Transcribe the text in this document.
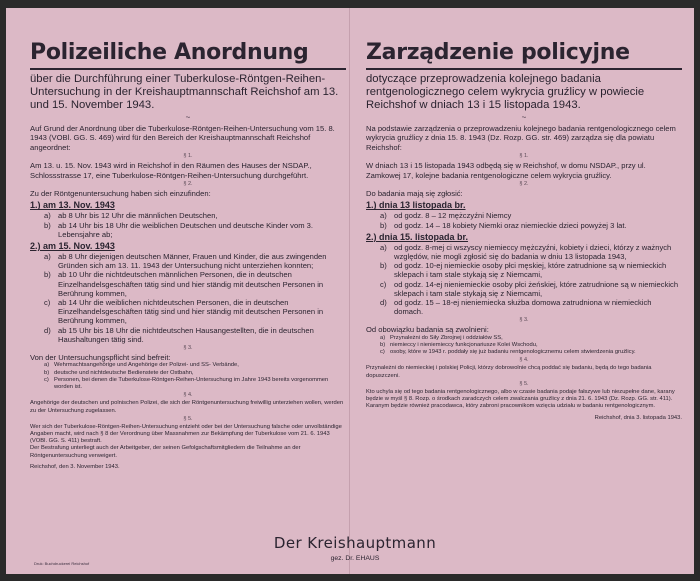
Polizeiliche Anordnung

über die Durchführung einer Tuberkulose-Röntgen-Reihen-Untersuchung in der Kreishauptmannschaft Reichshof am 13. und 15. November 1943.

~

Auf Grund der Anordnung über die Tuberkulose-Röntgen-Reihen-Untersuchung vom 15. 8. 1943 (VOBl. GG. S. 469) wird für den Bereich der Kreishauptmannschaft Reichshof angeordnet:

§ 1.

Am 13. u. 15. Nov. 1943 wird in Reichshof in den Räumen des Hauses der NSDAP., Schlossstrasse 17, eine Tuberkulose-Röntgen-Reihen-Untersuchung durchgeführt.

§ 2.

Zu der Röntgenuntersuchung haben sich einzufinden:

1.) am 13. Nov. 1943
a) ab 8 Uhr bis 12 Uhr die männlichen Deutschen,
b) ab 14 Uhr bis 18 Uhr die weiblichen Deutschen und deutsche Kinder vom 3. Lebensjahre ab;
2.) am 15. Nov. 1943
a) ab 8 Uhr diejenigen deutschen Männer, Frauen und Kinder, die aus zwingenden Gründen sich am 13. 11. 1943 der Untersuchung nicht unterziehen konnten;
b) ab 10 Uhr die nichtdeutschen männlichen Personen, die in deutschen Einzelhandelsgeschäften tätig sind und hier ständig mit deutschen Personen in Berührung kommen,
c)	ab 14 Uhr die weiblichen nichtdeutschen Personen, die in deutschen Einzelhandelsgeschäften tätig sind und hier ständig mit deutschen Personen in Berührung kommen,
d) ab 15 Uhr bis 18 Uhr die nichtdeutschen Hausangestellten, die in deutschen Haushaltungen tätig sind.
§ 3.

Von der Untersuchungspflicht sind befreit:

a) Wehrmachtsangehörige und Angehörige der Polizei- und SS- Verbände,
b) deutsche und nichtdeutsche Bedienstete der Ostbahn,
c) Personen, bei denen die Tuberkulose-Röntgen-Reihen-Untersuchung im Jahre 1943 bereits vorgenommen worden ist.
§ 4.

Angehörige der deutschen und polnischen Polizei, die sich der Röntgenuntersuchung freiwillig unterziehen wollen, werden zu der Untersuchung zugelassen.

§ 5.

Wer sich der Tuberkulose-Röntgen-Reihen-Untersuchung entzieht oder bei der Untersuchung falsche oder unvollständige Angaben macht, wird nach § 8 der Verordnung über Massnahmen zur Bekämpfung der Tuberkulose vom 21. 6. 1943 (VOBl. GG. S. 411) bestraft.

Der Bestrafung unterliegt auch der Arbeitgeber, der seinen Gefolgschaftsmitgliedern die Teilnahme an der Röntgenuntersuchung verweigert.

Reichshof, den 3. November 1943.

Zarządzenie policyjne

dotyczące przeprowadzenia kolejnego badania rentgenologicznego celem wykrycia gruźlicy w powiecie Reichshof w dniach 13 i 15 listopada 1943.

~

Na podstawie zarządzenia o przeprowadzeniu kolejnego badania rentgenologicznego celem wykrycia gruźlicy z dnia 15. 8. 1943 (Dz. Rozp. GG. str. 469) zarządza się dla powiatu Reichshof:

§ 1.

W dniach 13 i 15 listopada 1943 odbędą się w Reichshof, w domu NSDAP., przy ul. Zamkowej 17, kolejne badania rentgenologiczne celem wykrycia gruźlicy.

§ 2.

Do badania mają się zgłosić:

1.) dnia 13 listopada br.
a) od godz. 8 – 12 mężczyźni Niemcy
b) od godz. 14 – 18 kobiety Niemki oraz niemieckie dzieci powyżej 3 lat.
2.) dnia 15. listopada br.
a) od godz. 8-mej ci wszyscy niemieccy mężczyźni, kobiety i dzieci, którzy z ważnych względów, nie mogli zgłosić się do badania w dniu 13 listopada 1943,
b) od godz. 10-ej niemieckie osoby płci męskiej, które zatrudnione są w niemieckich sklepach i tam stale stykają się z Niemcami,
c)	od godz. 14-ej nieniemieckie osoby płci żeńskiej, które zatrudnione są w niemieckich sklepach i tam stale stykają się z Niemcami,
d) od godz. 15 – 18-ej nieniemiecka służba domowa zatrudniona w niemieckich domach.
§ 3.

Od obowiązku badania są zwolnieni:

a) Przynależni do Siły Zbrojnej i oddziałów SS,
b) niemieccy i nieniemieccy funkcjonariusze Kolei Wschodu,
c) osoby, które w 1943 r. poddały się już badaniu rentgenologicznemu celem stwierdzenia gruźlicy.
§ 4.

Przynależni do niemieckiej i polskiej Policji, którzy dobrowolnie chcą poddać się badaniu, będą do tego badania dopuszczeni.

§ 5.

Kto uchyla się od tego badania rentgenologicznego, albo w czasie badania podaje fałszywe lub niezupełne dane, karany będzie w myśl § 8. Rozp. o środkach zaradczych celem zwalczania gruźlicy z dnia 21. 6. 1943 (Dz. Rozp. GG. str. 411).

Karanym będzie również pracodawca, który zabroni pracownikom wzięcia udziału w badaniu rentgenologicznym.

Reichshof, dnia 3. listopada 1943.

Druk: Buchdruckerei Reichshof
Der Kreishauptmann
gez. Dr. EHAUS
